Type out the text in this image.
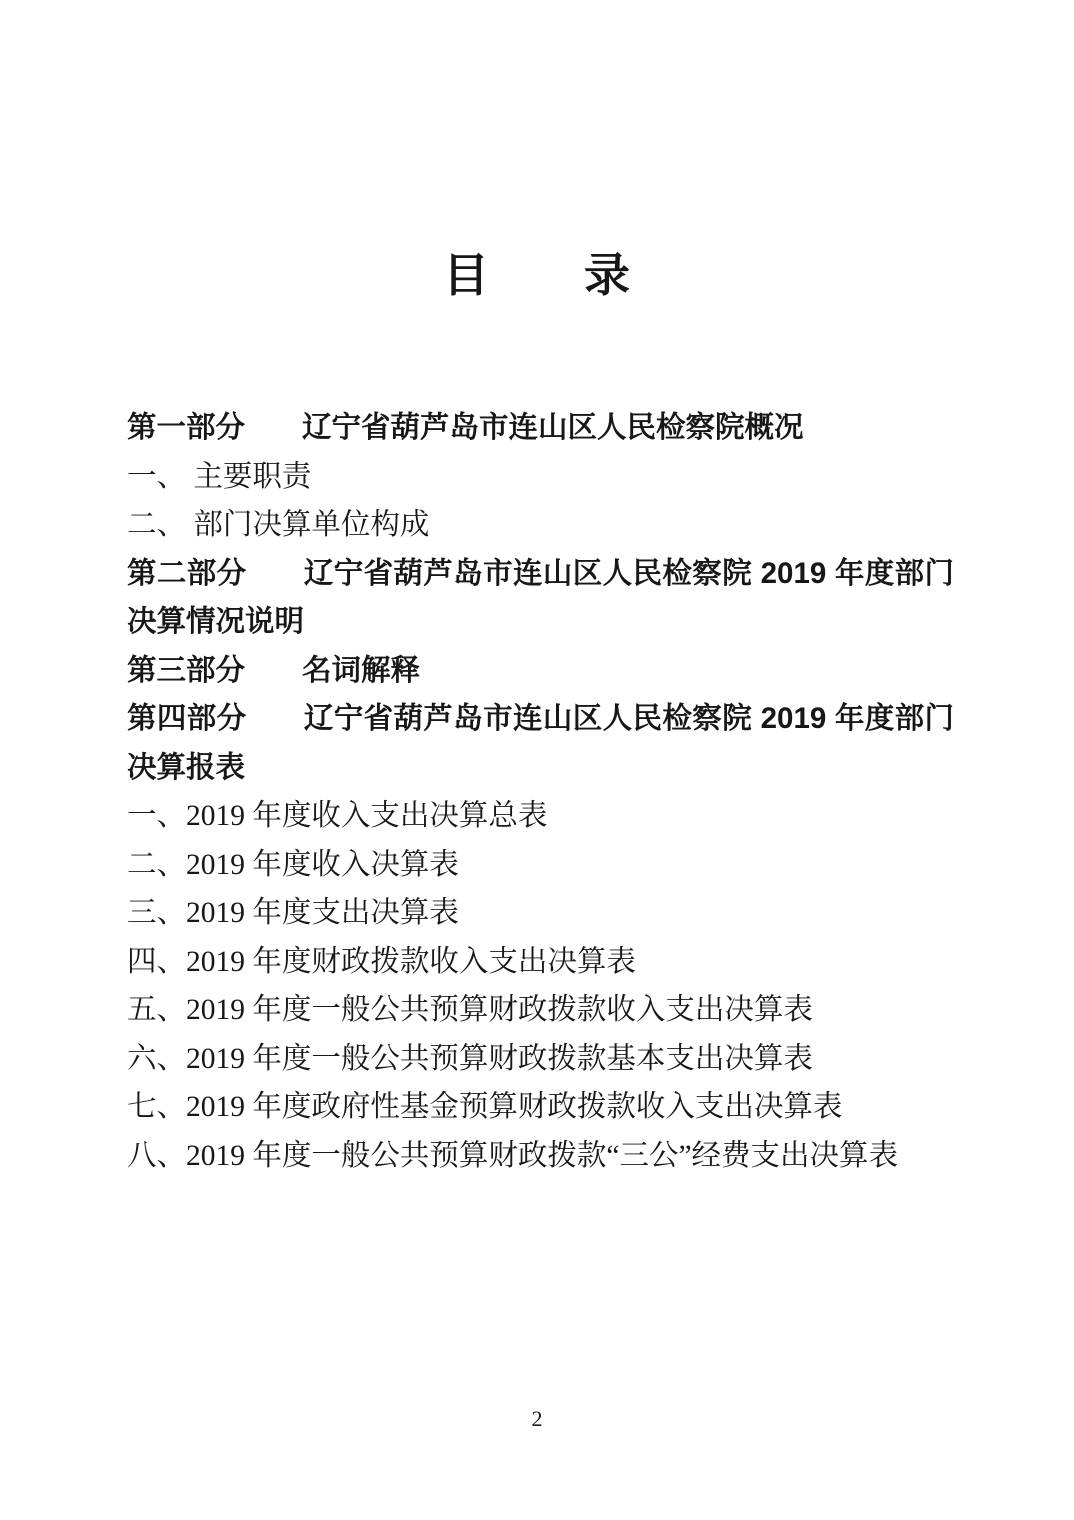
目　　录

第一部分 辽宁省葫芦岛市连山区人民检察院概况

一、 主要职责

二、 部门决算单位构成

第二部分 辽宁省葫芦岛市连山区人民检察院 2019 年度部门决算情况说明

第三部分 名词解释

第四部分 辽宁省葫芦岛市连山区人民检察院 2019 年度部门决算报表

一、2019 年度收入支出决算总表

二、2019 年度收入决算表

三、2019 年度支出决算表

四、2019 年度财政拨款收入支出决算表

五、2019 年度一般公共预算财政拨款收入支出决算表

六、2019 年度一般公共预算财政拨款基本支出决算表

七、2019 年度政府性基金预算财政拨款收入支出决算表

八、2019 年度一般公共预算财政拨款“三公”经费支出决算表

2
